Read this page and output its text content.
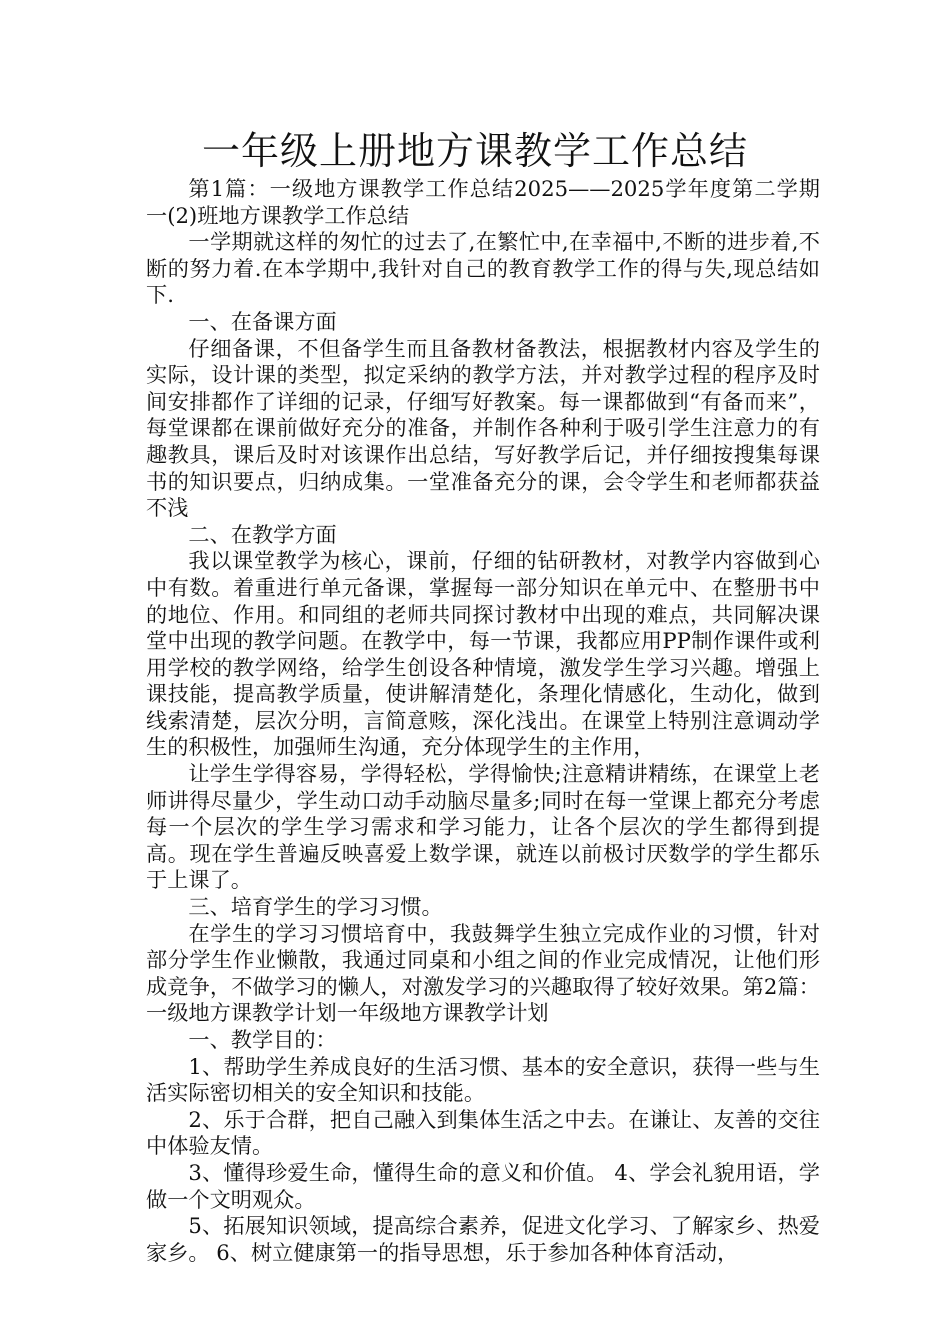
一年级上册地方课教学工作总结

第1篇：一级地方课教学工作总结2025——2025学年度第二学期 一(2)班地方课教学工作总结

一学期就这样的匆忙的过去了,在繁忙中,在幸福中,不断的进步着,不断的努力着.在本学期中,我针对自己的教育教学工作的得与失,现总结如下.

一、在备课方面

仔细备课，不但备学生而且备教材备教法，根据教材内容及学生的实际，设计课的类型，拟定采纳的教学方法，并对教学过程的程序及时间安排都作了详细的记录，仔细写好教案。每一课都做到“有备而来”，每堂课都在课前做好充分的准备，并制作各种利于吸引学生注意力的有趣教具，课后及时对该课作出总结，写好教学后记，并仔细按搜集每课书的知识要点，归纳成集。一堂准备充分的课，会令学生和老师都获益不浅

二、在教学方面

我以课堂教学为核心，课前，仔细的钻研教材，对教学内容做到心中有数。着重进行单元备课，掌握每一部分知识在单元中、在整册书中的地位、作用。和同组的老师共同探讨教材中出现的难点，共同解决课堂中出现的教学问题。在教学中，每一节课，我都应用PP制作课件或利用学校的教学网络，给学生创设各种情境，激发学生学习兴趣。增强上课技能，提高教学质量，使讲解清楚化，条理化情感化，生动化，做到线索清楚，层次分明，言简意赅，深化浅出。在课堂上特别注意调动学生的积极性，加强师生沟通，充分体现学生的主作用，

让学生学得容易，学得轻松，学得愉快;注意精讲精练，在课堂上老师讲得尽量少，学生动口动手动脑尽量多;同时在每一堂课上都充分考虑每一个层次的学生学习需求和学习能力，让各个层次的学生都得到提高。现在学生普遍反映喜爱上数学课，就连以前极讨厌数学的学生都乐于上课了。

三、培育学生的学习习惯。

在学生的学习习惯培育中，我鼓舞学生独立完成作业的习惯，针对部分学生作业懒散，我通过同桌和小组之间的作业完成情况，让他们形成竞争，不做学习的懒人，对激发学习的兴趣取得了较好效果。第2篇：一级地方课教学计划一年级地方课教学计划

一、教学目的：

1、帮助学生养成良好的生活习惯、基本的安全意识，获得一些与生活实际密切相关的安全知识和技能。

2、乐于合群，把自己融入到集体生活之中去。在谦让、友善的交往中体验友情。

3、懂得珍爱生命，懂得生命的意义和价值。 4、学会礼貌用语，学做一个文明观众。

5、拓展知识领域，提高综合素养，促进文化学习、了解家乡、热爱家乡。 6、树立健康第一的指导思想，乐于参加各种体育活动，
